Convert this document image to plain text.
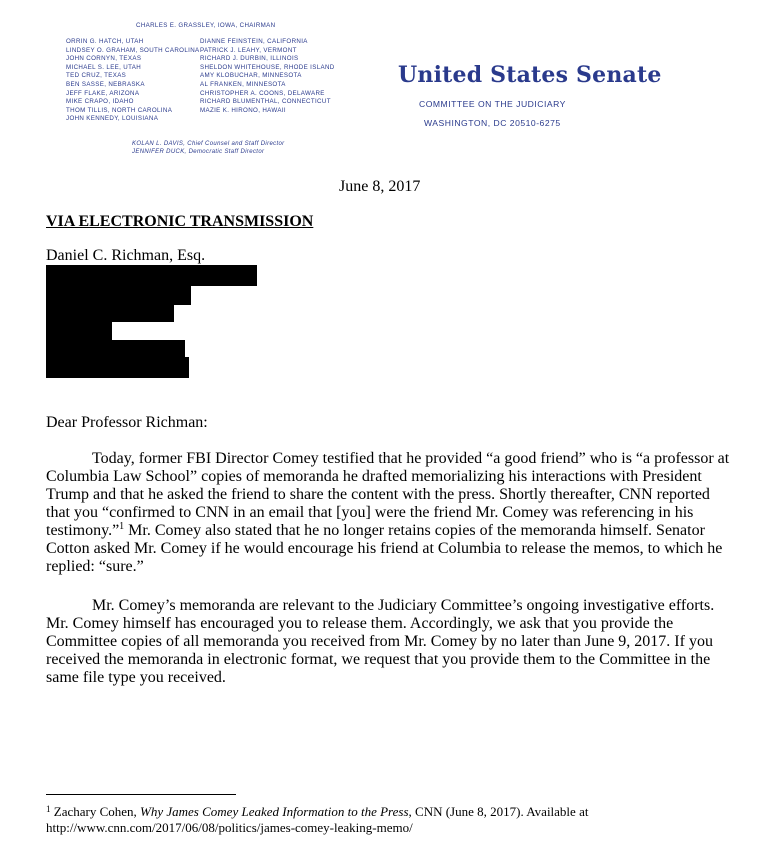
CHARLES E. GRASSLEY, IOWA, CHAIRMAN
ORRIN G. HATCH, UTAH
LINDSEY O. GRAHAM, SOUTH CAROLINA
JOHN CORNYN, TEXAS
MICHAEL S. LEE, UTAH
TED CRUZ, TEXAS
BEN SASSE, NEBRASKA
JEFF FLAKE, ARIZONA
MIKE CRAPO, IDAHO
THOM TILLIS, NORTH CAROLINA
JOHN KENNEDY, LOUISIANA
DIANNE FEINSTEIN, CALIFORNIA
PATRICK J. LEAHY, VERMONT
RICHARD J. DURBIN, ILLINOIS
SHELDON WHITEHOUSE, RHODE ISLAND
AMY KLOBUCHAR, MINNESOTA
AL FRANKEN, MINNESOTA
CHRISTOPHER A. COONS, DELAWARE
RICHARD BLUMENTHAL, CONNECTICUT
MAZIE K. HIRONO, HAWAII
KOLAN L. DAVIS, Chief Counsel and Staff Director
JENNIFER DUCK, Democratic Staff Director
United States Senate
COMMITTEE ON THE JUDICIARY
WASHINGTON, DC 20510-6275
June 8, 2017
VIA ELECTRONIC TRANSMISSION
Daniel C. Richman, Esq.
Dear Professor Richman:

Today, former FBI Director Comey testified that he provided “a good friend” who is “a professor at Columbia Law School” copies of memoranda he drafted memorializing his interactions with President Trump and that he asked the friend to share the content with the press. Shortly thereafter, CNN reported that you “confirmed to CNN in an email that [you] were the friend Mr. Comey was referencing in his testimony.”$^1$ Mr. Comey also stated that he no longer retains copies of the memoranda himself. Senator Cotton asked Mr. Comey if he would encourage his friend at Columbia to release the memos, to which he replied: “sure.”

Mr. Comey’s memoranda are relevant to the Judiciary Committee’s ongoing investigative efforts. Mr. Comey himself has encouraged you to release them. Accordingly, we ask that you provide the Committee copies of all memoranda you received from Mr. Comey by no later than June 9, 2017. If you received the memoranda in electronic format, we request that you provide them to the Committee in the same file type you received.

$^1$ Zachary Cohen, Why James Comey Leaked Information to the Press, CNN (June 8, 2017). Available at

http://www.cnn.com/2017/06/08/politics/james-comey-leaking-memo/
